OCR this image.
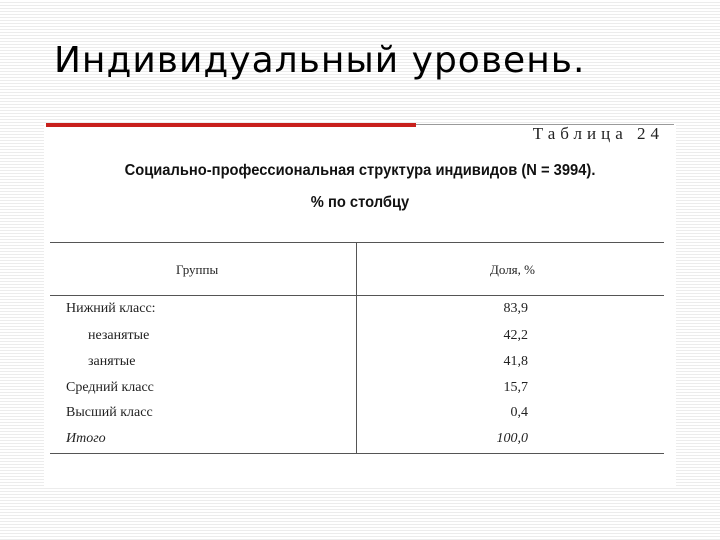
Индивидуальный уровень.
Таблица 24
Социально-профессиональная структура индивидов (N = 3994).
% по столбцу
Группы	Доля, %
Нижний класс:	83,9
незанятые	42,2
занятые	41,8
Средний класс	15,7
Высший класс	0,4
Итого	100,0
